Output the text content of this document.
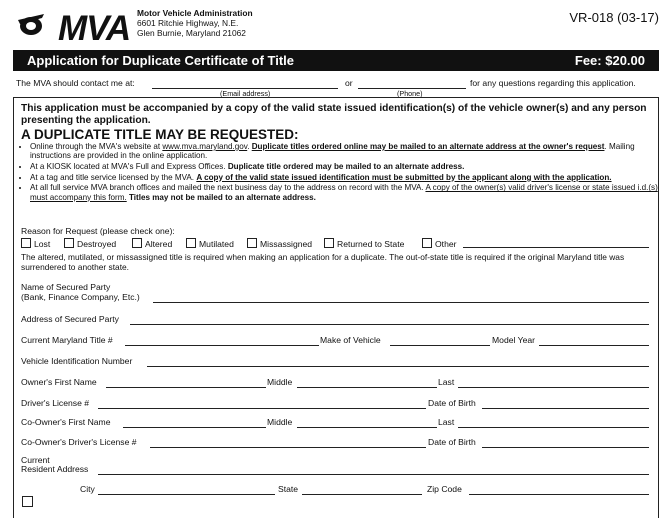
MVA Motor Vehicle Administration
6601 Ritchie Highway, N.E.
Glen Burnie, Maryland 21062
VR-018 (03-17)
Application for Duplicate Certificate of Title	Fee: $20.00
The MVA should contact me at:	or	for any questions regarding this application.
(Email address)	(Phone)
This application must be accompanied by a copy of the valid state issued identification(s) of the vehicle owner(s) and any person presenting the application.
A DUPLICATE TITLE MAY BE REQUESTED:
• Online through the MVA's website at www.mva.maryland.gov. Duplicate titles ordered online may be mailed to an alternate address at the owner's request. Mailing instructions are provided in the online application.
• At a KIOSK located at MVA's Full and Express Offices. Duplicate title ordered may be mailed to an alternate address.
• At a tag and title service licensed by the MVA. A copy of the valid state issued identification must be submitted by the applicant along with the application.
• At all full service MVA branch offices and mailed the next business day to the address on record with the MVA. A copy of the owner(s) valid driver's license or state issued i.d.(s) must accompany this form. Titles may not be mailed to an alternate address.
Reason for Request (please check one):
Lost	Destroyed	Altered	Mutilated	Missassigned	Returned to State	Other
The altered, mutilated, or missassigned title is required when making an application for a duplicate. The out-of-state title is required if the original Maryland title was surrendered to another state.
Name of Secured Party
(Bank, Finance Company, Etc.)
Address of Secured Party
Current Maryland Title #	Make of Vehicle	Model Year
Vehicle Identification Number
Owner's First Name	Middle	Last
Driver's License #	Date of Birth
Co-Owner's First Name	Middle	Last
Co-Owner's Driver's License #	Date of Birth
Current
Resident Address
City	State	Zip Code
